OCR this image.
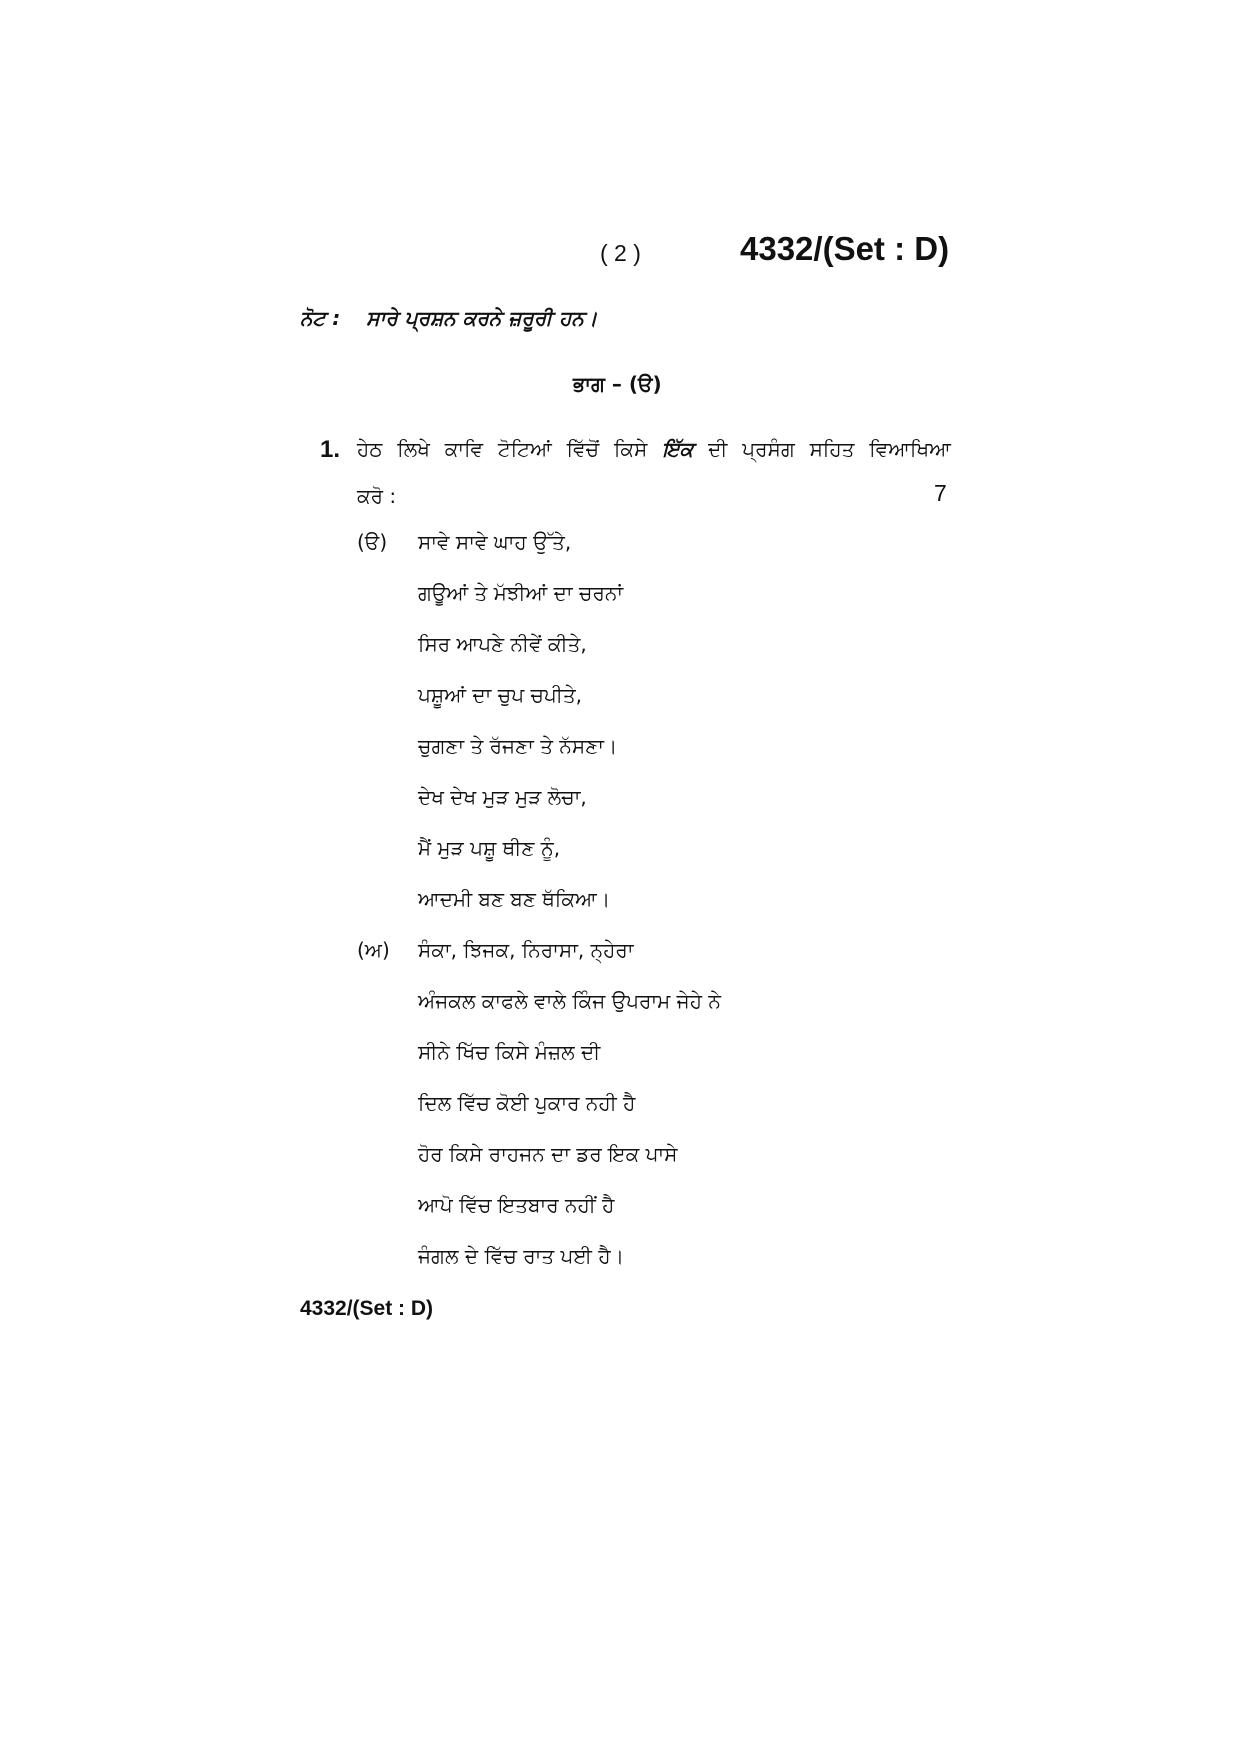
( 2 )	4332/(Set : D)
ਨੋਟ : ਸਾਰੇ ਪ੍ਰਸ਼ਨ ਕਰਨੇ ਜ਼ਰੂਰੀ ਹਨ।
ਭਾਗ – (ੳ)
1. ਹੇਠ ਲਿਖੇ ਕਾਵਿ ਟੋਟਿਆਂ ਵਿੱਚੋਂ ਕਿਸੇ ਇੱਕ ਦੀ ਪ੍ਰਸੰਗ ਸਹਿਤ ਵਿਆਖਿਆ
ਕਰੋ :	7
(ੳ) ਸਾਵੇ ਸਾਵੇ ਘਾਹ ਉੱਤੇ,
ਗਊਆਂ ਤੇ ਮੱਝੀਆਂ ਦਾ ਚਰਨਾਂ
ਸਿਰ ਆਪਣੇ ਨੀਵੇਂ ਕੀਤੇ,
ਪਸ਼ੂਆਂ ਦਾ ਚੁਪ ਚਪੀਤੇ,
ਚੁਗਣਾ ਤੇ ਰੱਜਣਾ ਤੇ ਨੱਸਣਾ।
ਦੇਖ ਦੇਖ ਮੁੜ ਮੁੜ ਲੋਚਾ,
ਮੈਂ ਮੁੜ ਪਸ਼ੂ ਥੀਣ ਨੂੰ,
ਆਦਮੀ ਬਣ ਬਣ ਥੱਕਿਆ।
(ਅ) ਸੰਕਾ, ਝਿਜਕ, ਨਿਰਾਸਾ, ਨ੍ਹੇਰਾ
ਅੰਜਕਲ ਕਾਫਲੇ ਵਾਲੇ ਕਿੰਜ ਉਪਰਾਮ ਜੇਹੇ ਨੇ
ਸੀਨੇ ਖਿੱਚ ਕਿਸੇ ਮੰਜ਼ਲ ਦੀ
ਦਿਲ ਵਿੱਚ ਕੋਈ ਪੁਕਾਰ ਨਹੀ ਹੈ
ਹੋਰ ਕਿਸੇ ਰਾਹਜਨ ਦਾ ਡਰ ਇਕ ਪਾਸੇ
ਆਪੋ ਵਿੱਚ ਇਤਬਾਰ ਨਹੀਂ ਹੈ
ਜੰਗਲ ਦੇ ਵਿੱਚ ਰਾਤ ਪਈ ਹੈ।
4332/(Set : D)
